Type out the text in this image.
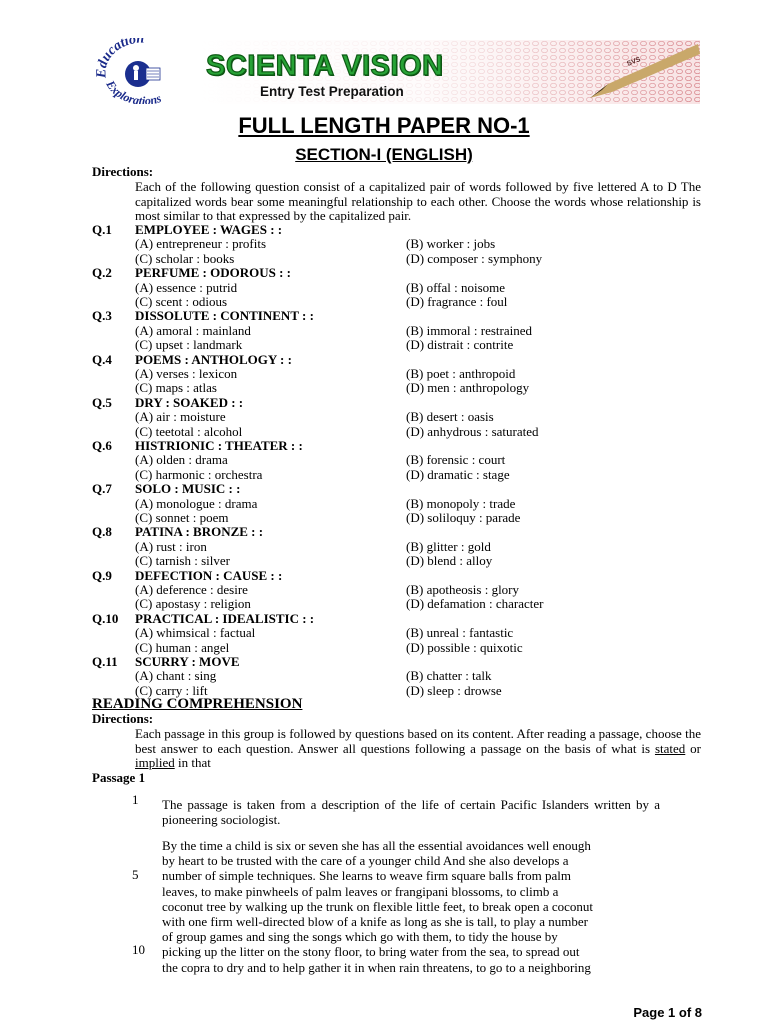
ducation
Explorations
SVS
SCIENTA VISION
Entry Test Preparation
FULL LENGTH PAPER NO-1
SECTION-I (ENGLISH)
Directions:
Each of the following question consist of a capitalized pair of words followed by five lettered A to D The capitalized words bear some meaningful relationship to each other. Choose the words whose relationship is most similar to that expressed by the capitalized pair.
Q.1	EMPLOYEE : WAGES : :
(A) entrepreneur : profits	(B) worker : jobs
(C) scholar : books	(D) composer : symphony
Q.2	PERFUME : ODOROUS : :
(A) essence : putrid	(B) offal : noisome
(C) scent : odious	(D) fragrance : foul
Q.3	DISSOLUTE : CONTINENT : :
(A) amoral : mainland	(B) immoral : restrained
(C) upset : landmark	(D) distrait : contrite
Q.4	POEMS : ANTHOLOGY : :
(A) verses : lexicon	(B) poet : anthropoid
(C) maps : atlas	(D) men : anthropology
Q.5	DRY : SOAKED : :
(A) air : moisture	(B) desert : oasis
(C) teetotal : alcohol	(D) anhydrous : saturated
Q.6	HISTRIONIC : THEATER : :
(A) olden : drama	(B) forensic : court
(C) harmonic : orchestra	(D) dramatic : stage
Q.7	SOLO : MUSIC : :
(A) monologue : drama	(B) monopoly : trade
(C) sonnet : poem	(D) soliloquy : parade
Q.8	PATINA : BRONZE : :
(A) rust : iron	(B) glitter : gold
(C) tarnish : silver	(D) blend : alloy
Q.9	DEFECTION : CAUSE : :
(A) deference : desire	(B) apotheosis : glory
(C) apostasy : religion	(D) defamation : character
Q.10	PRACTICAL : IDEALISTIC : :
(A) whimsical : factual	(B) unreal : fantastic
(C) human : angel	(D) possible : quixotic
Q.11	SCURRY : MOVE
(A) chant : sing	(B) chatter : talk
(C) carry : lift	(D) sleep : drowse
READING COMPREHENSION
Directions:
Each passage in this group is followed by questions based on its content. After reading a passage, choose the best answer to each question. Answer all questions following a passage on the basis of what is stated or implied in that
Passage 1
1
5
10
The passage is taken from a description of the life of certain Pacific Islanders written by a pioneering sociologist.
By the time a child is six or seven she has all the essential avoidances well enough
by heart to be trusted with the care of a younger child And she also develops a
number of simple techniques. She learns to weave firm square balls from palm
leaves, to make pinwheels of palm leaves or frangipani blossoms, to climb a
coconut tree by walking up the trunk on flexible little feet, to break open a coconut
with one firm well-directed blow of a knife as long as she is tall, to play a number
of group games and sing the songs which go with them, to tidy the house by
picking up the litter on the stony floor, to bring water from the sea, to spread out
the copra to dry and to help gather it in when rain threatens, to go to a neighboring
Page 1 of 8
